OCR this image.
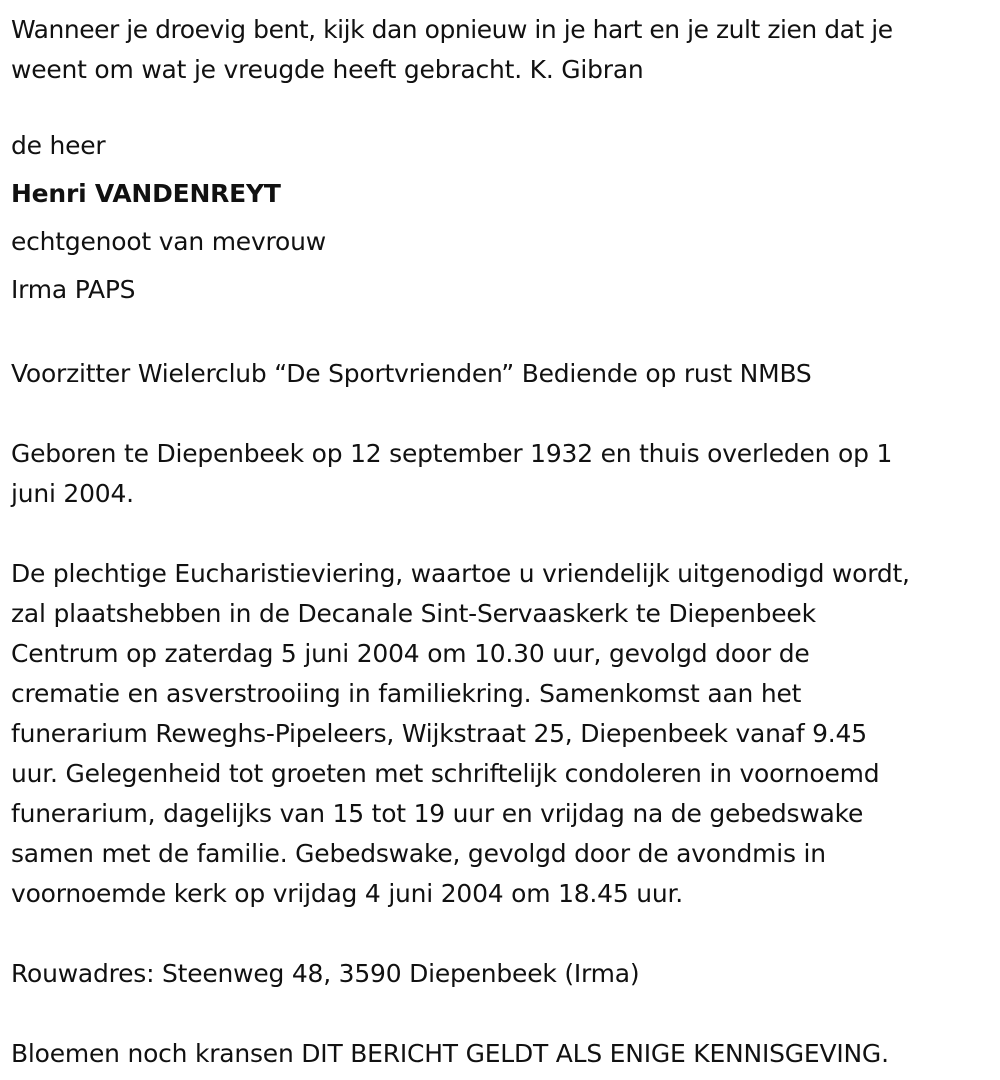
Wanneer je droevig bent, kijk dan opnieuw in je hart en je zult zien dat je
weent om wat je vreugde heeft gebracht. K. Gibran

de heer
Henri VANDENREYT
echtgenoot van mevrouw
Irma PAPS

Voorzitter Wielerclub “De Sportvrienden” Bediende op rust NMBS

Geboren te Diepenbeek op 12 september 1932 en thuis overleden op 1
juni 2004.

De plechtige Eucharistieviering, waartoe u vriendelijk uitgenodigd wordt,
zal plaatshebben in de Decanale Sint-Servaaskerk te Diepenbeek
Centrum op zaterdag 5 juni 2004 om 10.30 uur, gevolgd door de
crematie en asverstrooiing in familiekring. Samenkomst aan het
funerarium Reweghs-Pipeleers, Wijkstraat 25, Diepenbeek vanaf 9.45
uur. Gelegenheid tot groeten met schriftelijk condoleren in voornoemd
funerarium, dagelijks van 15 tot 19 uur en vrijdag na de gebedswake
samen met de familie. Gebedswake, gevolgd door de avondmis in
voornoemde kerk op vrijdag 4 juni 2004 om 18.45 uur.

Rouwadres: Steenweg 48, 3590 Diepenbeek (Irma)

Bloemen noch kransen DIT BERICHT GELDT ALS ENIGE KENNISGEVING.
